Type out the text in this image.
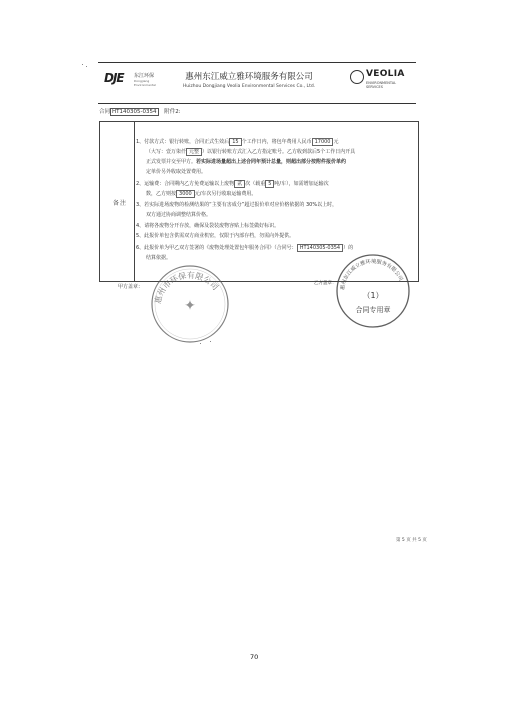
DJE 东江环保
Dongjiang Environmental
惠州东江威立雅环境服务有限公司
Huizhou Dongjiang Veolia Environmental Services Co., Ltd.
VEOLIA
ENVIRONMENTAL SERVICES
合同 HT140305-0354 附件2:
备注
1、付款方式：银行转账，合同正式生效后 15 个工作日内，将包年费用人民币 17000 元
（大写：壹万柒仟 元整 ）以银行转账方式汇入乙方指定账号。乙方收到款后5个工作日内开具
正式发票并交至甲方。若实际进场量超出上述合同年预计总量，则超出部分按附件报价单约
定单价另外收取处置费用。
2、运输费：合同期内乙方免费运输以上废物 贰 次（载重 5 吨/车），如需增加运输次
数，乙方则按 3000 元/车次另行收取运输费用。
3、若实际进场废物的检测结果的“主要有害成分”超过报价单对应价格依据的 30%以上时，
双方通过协商调整结算价格。
4、请将各废物分开存放，确保及袋装废物容贴上标签做好标识。
5、此报价单包含供需双方商业机密，仅限于内部存档，勿需向外提供。
6、此报价单为甲乙双方签署的《废物处理处置包年服务合同》（合同号： HT140305-0354 ）的
结算依据。
甲方盖章：
乙方盖章：
惠州市环保有限公司
✦
惠州东江威立雅环境服务有限公司
（1）
合同专用章
第 5 页 共 5 页
70
